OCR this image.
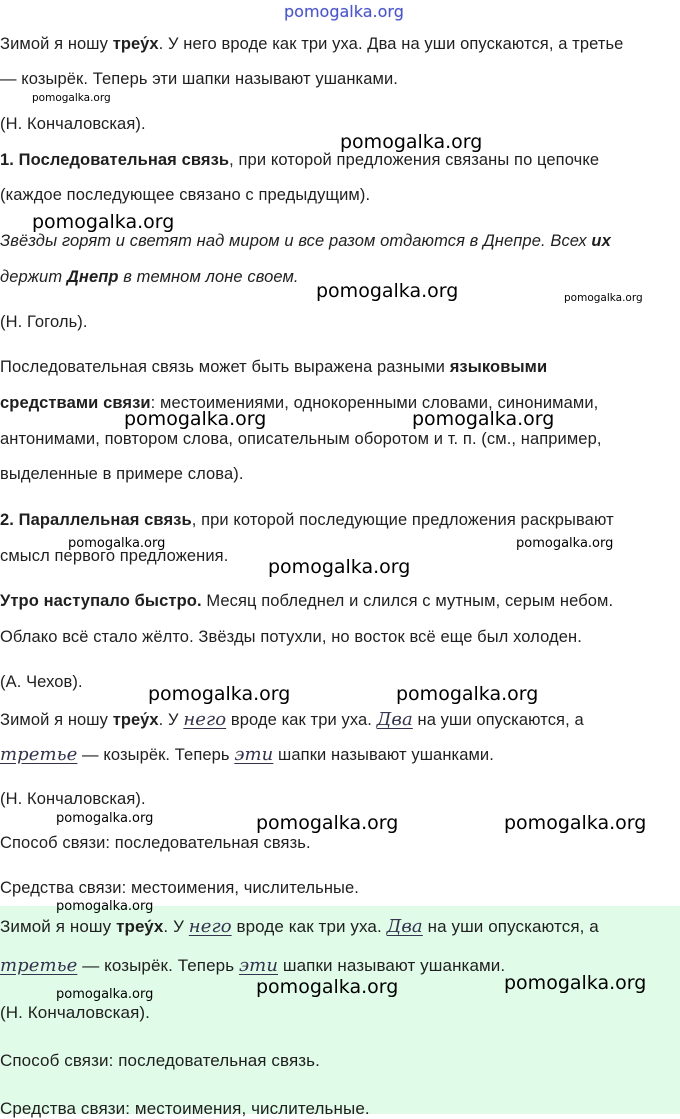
pomogalka.org
Зимой я ношу треу́х. У него вроде как три уха. Два на уши опускаются, а третье
— козырёк. Теперь эти шапки называют ушанками.
(Н. Кончаловская).
1. Последовательная связь, при которой предложения связаны по цепочке
(каждое последующее связано с предыдущим).
Звёзды горят и светят над миром и все разом отдаются в Днепре. Всех их
держит Днепр в темном лоне своем.
(Н. Гоголь).
Последовательная связь может быть выражена разными языковыми
средствами связи: местоимениями, однокоренными словами, синонимами,
антонимами, повтором слова, описательным оборотом и т. п. (см., например,
выделенные в примере слова).
2. Параллельная связь, при которой последующие предложения раскрывают
смысл первого предложения.
Утро наступало быстро. Месяц побледнел и слился с мутным, серым небом.
Облако всё стало жёлто. Звёзды потухли, но восток всё еще был холоден.
(А. Чехов).
Зимой я ношу треу́х. У него вроде как три уха. Два на уши опускаются, а
третье — козырёк. Теперь эти шапки называют ушанками.
(Н. Кончаловская).
Способ связи: последовательная связь.
Средства связи: местоимения, числительные.
Зимой я ношу треу́х. У него вроде как три уха. Два на уши опускаются, а
третье — козырёк. Теперь эти шапки называют ушанками.
(Н. Кончаловская).
Способ связи: последовательная связь.
Средства связи: местоимения, числительные.
pomogalka.org
pomogalka.org
pomogalka.org
pomogalka.org	pomogalka.org
pomogalka.org	pomogalka.org
pomogalka.org	pomogalka.org
pomogalka.org
pomogalka.org	pomogalka.org
pomogalka.org	pomogalka.org	pomogalka.org
pomogalka.org
pomogalka.org
pomogalka.org
pomogalka.org
